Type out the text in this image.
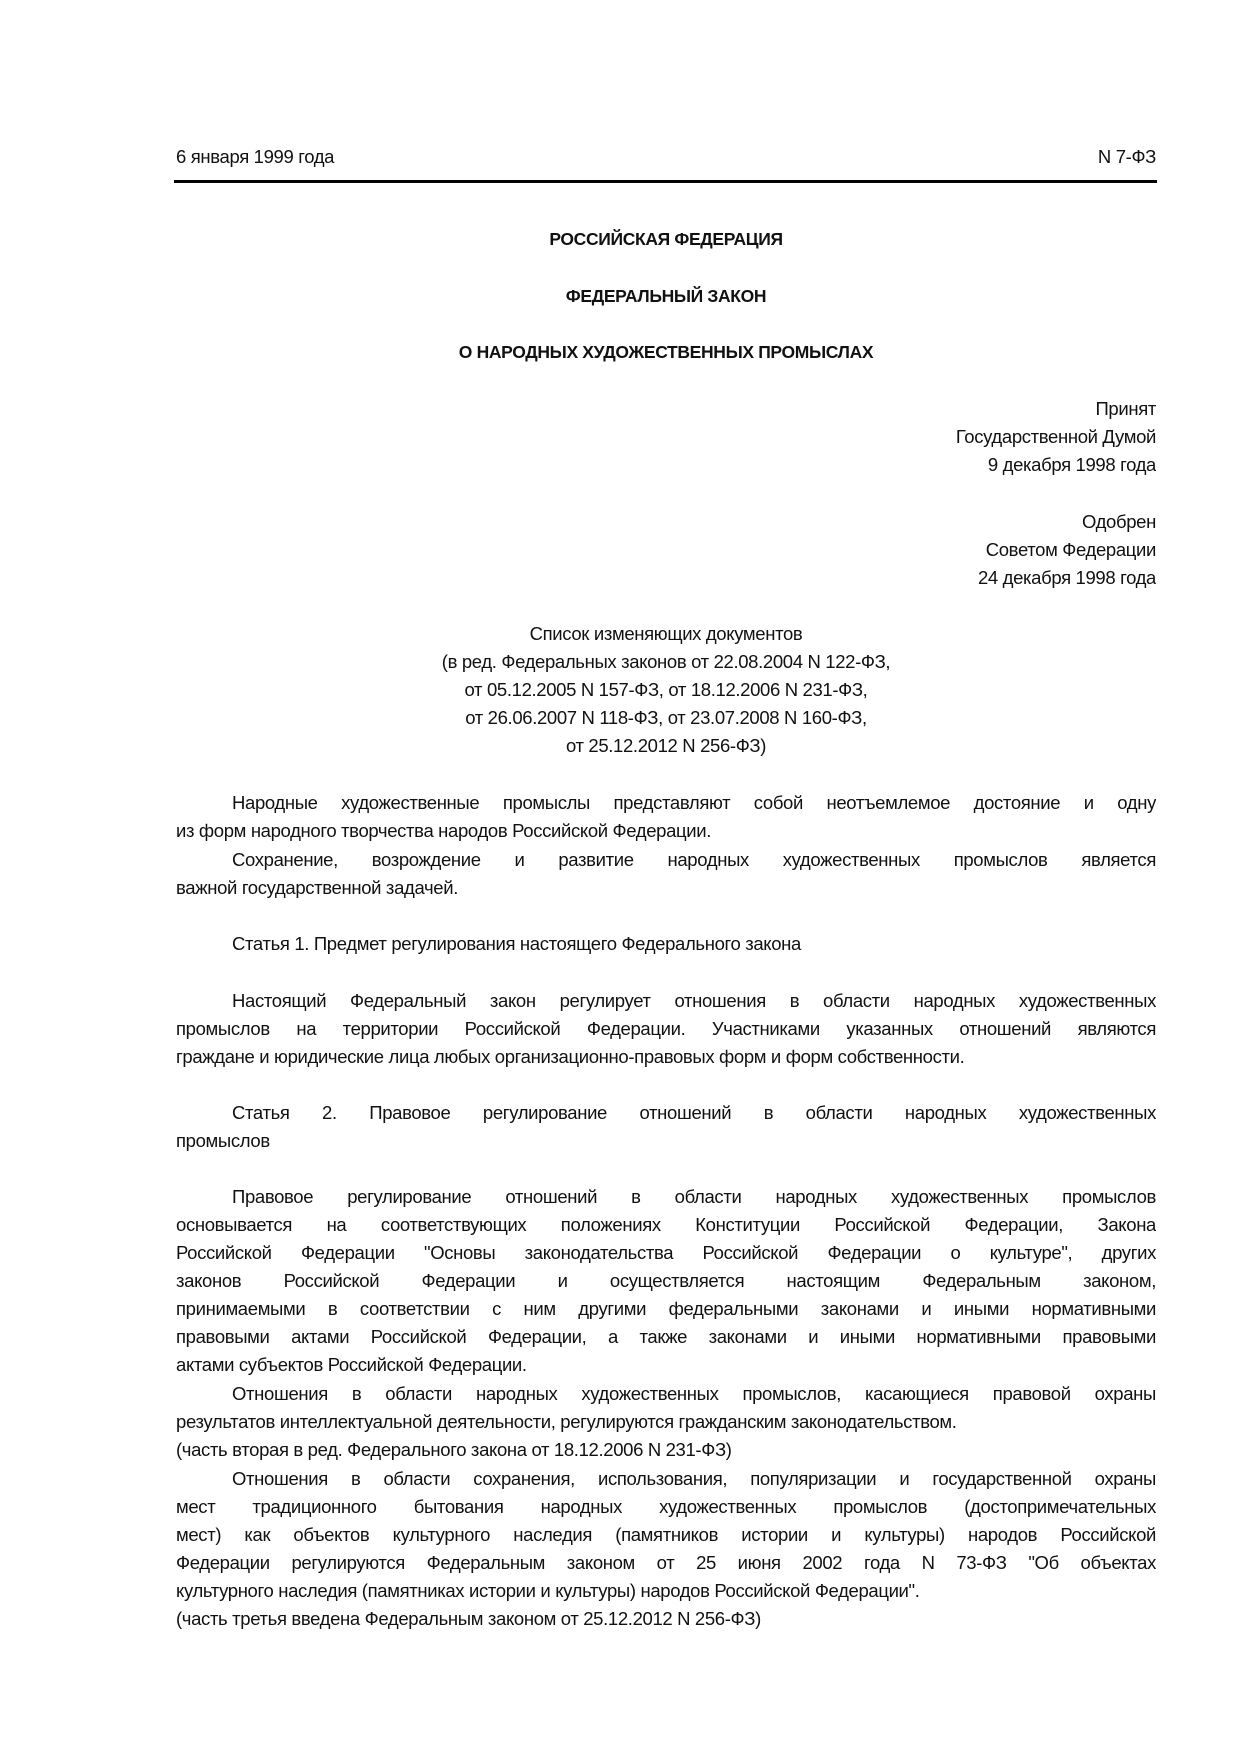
6 января 1999 года	N 7-ФЗ
РОССИЙСКАЯ ФЕДЕРАЦИЯ
ФЕДЕРАЛЬНЫЙ ЗАКОН
О НАРОДНЫХ ХУДОЖЕСТВЕННЫХ ПРОМЫСЛАХ
Принят
Государственной Думой
9 декабря 1998 года
Одобрен
Советом Федерации
24 декабря 1998 года
Список изменяющих документов
(в ред. Федеральных законов от 22.08.2004 N 122-ФЗ,
от 05.12.2005 N 157-ФЗ, от 18.12.2006 N 231-ФЗ,
от 26.06.2007 N 118-ФЗ, от 23.07.2008 N 160-ФЗ,
от 25.12.2012 N 256-ФЗ)
Народные художественные промыслы представляют собой неотъемлемое достояние и одну
из форм народного творчества народов Российской Федерации.
Сохранение, возрождение и развитие народных художественных промыслов является
важной государственной задачей.
Статья 1. Предмет регулирования настоящего Федерального закона
Настоящий Федеральный закон регулирует отношения в области народных художественных
промыслов на территории Российской Федерации. Участниками указанных отношений являются
граждане и юридические лица любых организационно-правовых форм и форм собственности.
Статья 2. Правовое регулирование отношений в области народных художественных
промыслов
Правовое регулирование отношений в области народных художественных промыслов
основывается на соответствующих положениях Конституции Российской Федерации, Закона
Российской Федерации "Основы законодательства Российской Федерации о культуре", других
законов Российской Федерации и осуществляется настоящим Федеральным законом,
принимаемыми в соответствии с ним другими федеральными законами и иными нормативными
правовыми актами Российской Федерации, а также законами и иными нормативными правовыми
актами субъектов Российской Федерации.
Отношения в области народных художественных промыслов, касающиеся правовой охраны
результатов интеллектуальной деятельности, регулируются гражданским законодательством.
(часть вторая в ред. Федерального закона от 18.12.2006 N 231-ФЗ)
Отношения в области сохранения, использования, популяризации и государственной охраны
мест традиционного бытования народных художественных промыслов (достопримечательных
мест) как объектов культурного наследия (памятников истории и культуры) народов Российской
Федерации регулируются Федеральным законом от 25 июня 2002 года N 73-ФЗ "Об объектах
культурного наследия (памятниках истории и культуры) народов Российской Федерации".
(часть третья введена Федеральным законом от 25.12.2012 N 256-ФЗ)
